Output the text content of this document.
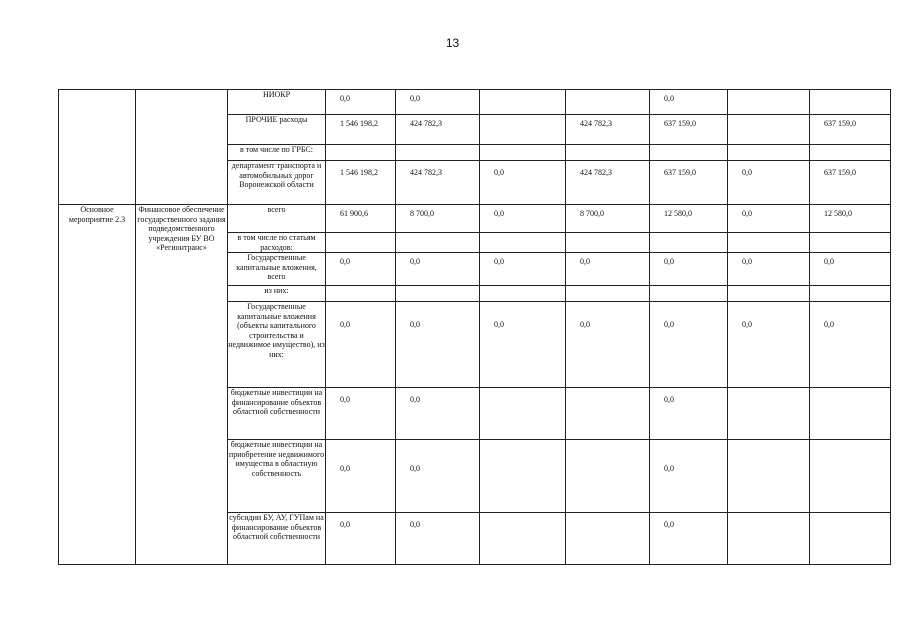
13
		НИОКР	0,0	0,0			0,0		

		ПРОЧИЕ расходы	1 546 198,2	424 782,3		424 782,3	637 159,0		637 159,0

		в том числе по ГРБС:	

		департамент транспорта и автомобильных дорог Воронежской области	1 546 198,2	424 782,3	0,0	424 782,3	637 159,0	0,0	637 159,0

Основное мероприятие 2.3	Финансовое обеспечение государственного задания подведомственного учреждения БУ ВО «Регионтранс»	всего	61 900,6	8 700,0	0,0	8 700,0	12 580,0	0,0	12 580,0

		в том числе по статьям расходов:	

		Государственные капитальные вложения, всего	0,0	0,0	0,0	0,0	0,0	0,0	0,0

		из них:	

		Государственные капитальные вложения (объекты капитального строительства и недвижимое имущество), из них:	0,0	0,0	0,0	0,0	0,0	0,0	0,0

		бюджетные инвестиции на финансирование объектов областной собственности	0,0	0,0			0,0		

		бюджетные инвестиции на приобретение недвижимого имущества в областную собственность	0,0	0,0			0,0		

		субсидии БУ, АУ, ГУПам на финансирование объектов областной собственности	0,0	0,0			0,0		
